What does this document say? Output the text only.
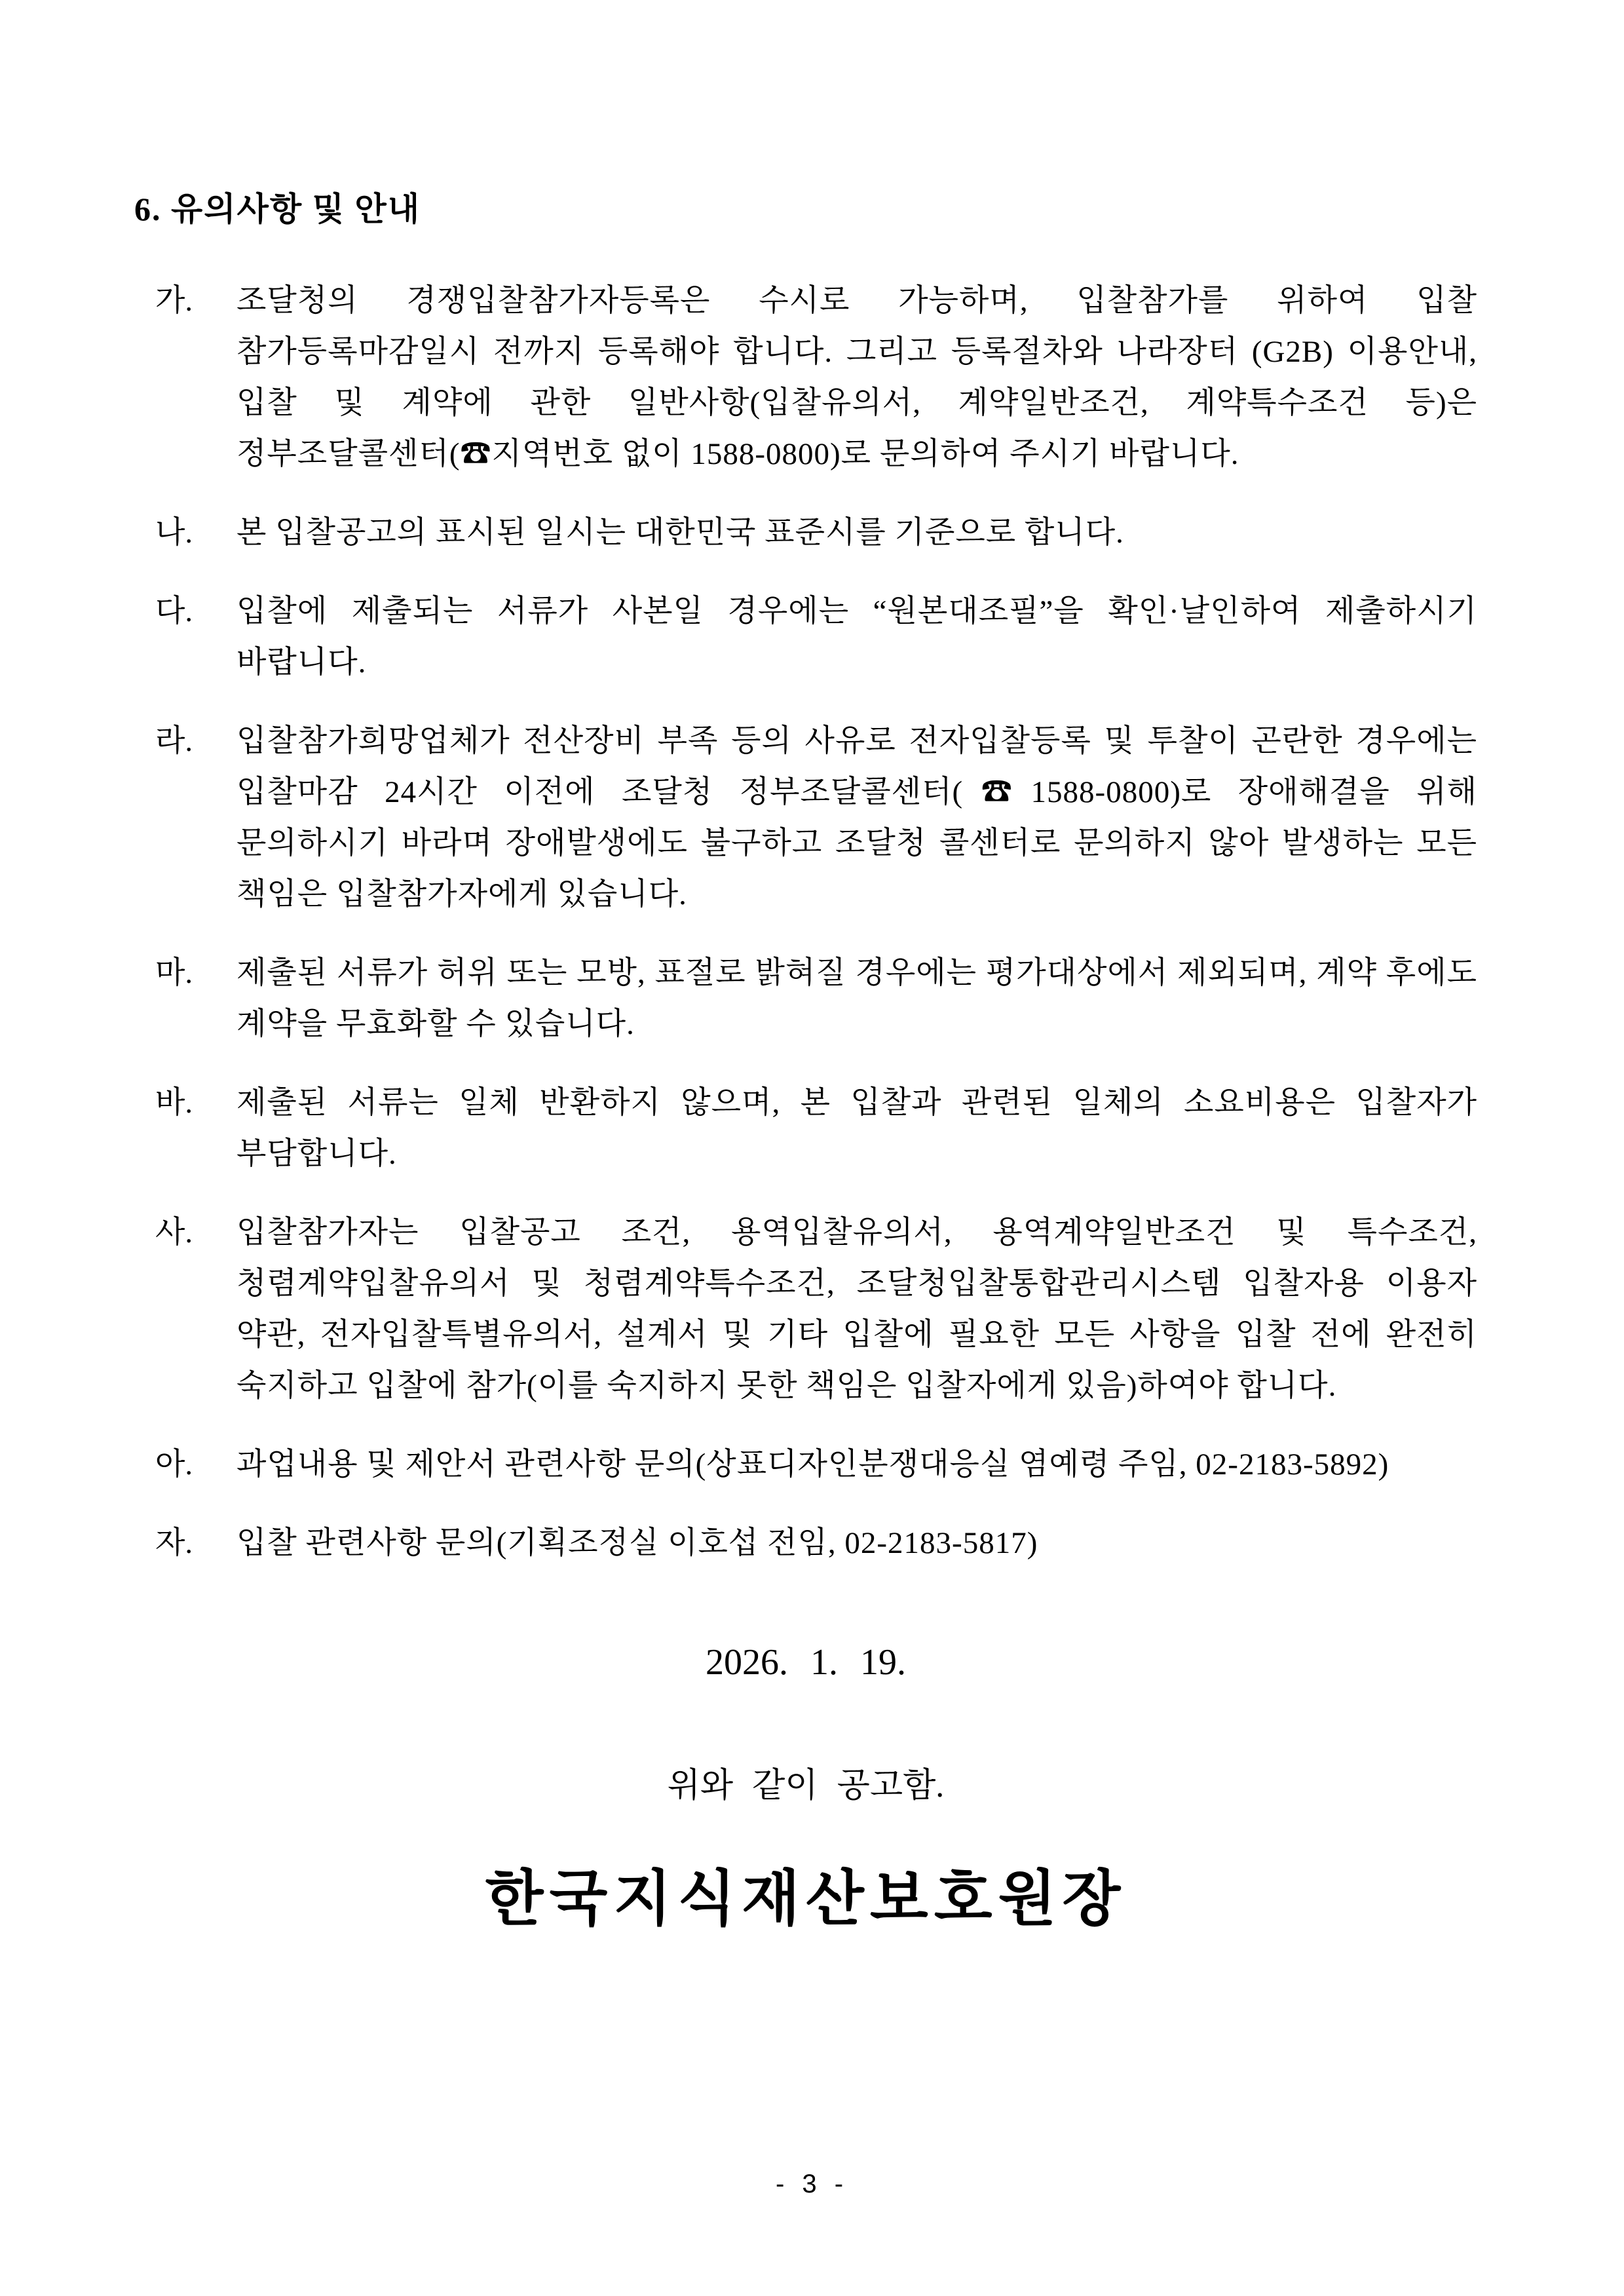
6. 유의사항 및 안내
가.	조달청의 경쟁입찰참가자등록은 수시로 가능하며, 입찰참가를 위하여 입찰 참가등록마감일시 전까지 등록해야 합니다. 그리고 등록절차와 나라장터 (G2B) 이용안내, 입찰 및 계약에 관한 일반사항(입찰유의서, 계약일반조건, 계약특수조건 등)은 정부조달콜센터(☎지역번호 없이 1588-0800)로 문의하여 주시기 바랍니다.
나.	본 입찰공고의 표시된 일시는 대한민국 표준시를 기준으로 합니다.
다.	입찰에 제출되는 서류가 사본일 경우에는 “원본대조필”을 확인·날인하여 제출하시기 바랍니다.
라.	입찰참가희망업체가 전산장비 부족 등의 사유로 전자입찰등록 및 투찰이 곤란한 경우에는 입찰마감 24시간 이전에 조달청 정부조달콜센터(☎1588-0800)로 장애해결을 위해 문의하시기 바라며 장애발생에도 불구하고 조달청 콜센터로 문의하지 않아 발생하는 모든 책임은 입찰참가자에게 있습니다.
마.	제출된 서류가 허위 또는 모방, 표절로 밝혀질 경우에는 평가대상에서 제외되며, 계약 후에도 계약을 무효화할 수 있습니다.
바.	제출된 서류는 일체 반환하지 않으며, 본 입찰과 관련된 일체의 소요비용은 입찰자가 부담합니다.
사.	입찰참가자는 입찰공고 조건, 용역입찰유의서, 용역계약일반조건 및 특수조건, 청렴계약입찰유의서 및 청렴계약특수조건, 조달청입찰통합관리시스템 입찰자용 이용자 약관, 전자입찰특별유의서, 설계서 및 기타 입찰에 필요한 모든 사항을 입찰 전에 완전히 숙지하고 입찰에 참가(이를 숙지하지 못한 책임은 입찰자에게 있음)하여야 합니다.
아.	과업내용 및 제안서 관련사항 문의(상표디자인분쟁대응실 염예령 주임, 02-2183-5892)
자.	입찰 관련사항 문의(기획조정실 이호섭 전임, 02-2183-5817)
2026. 1. 19.
위와 같이 공고함.
한국지식재산보호원장
- 3 -
